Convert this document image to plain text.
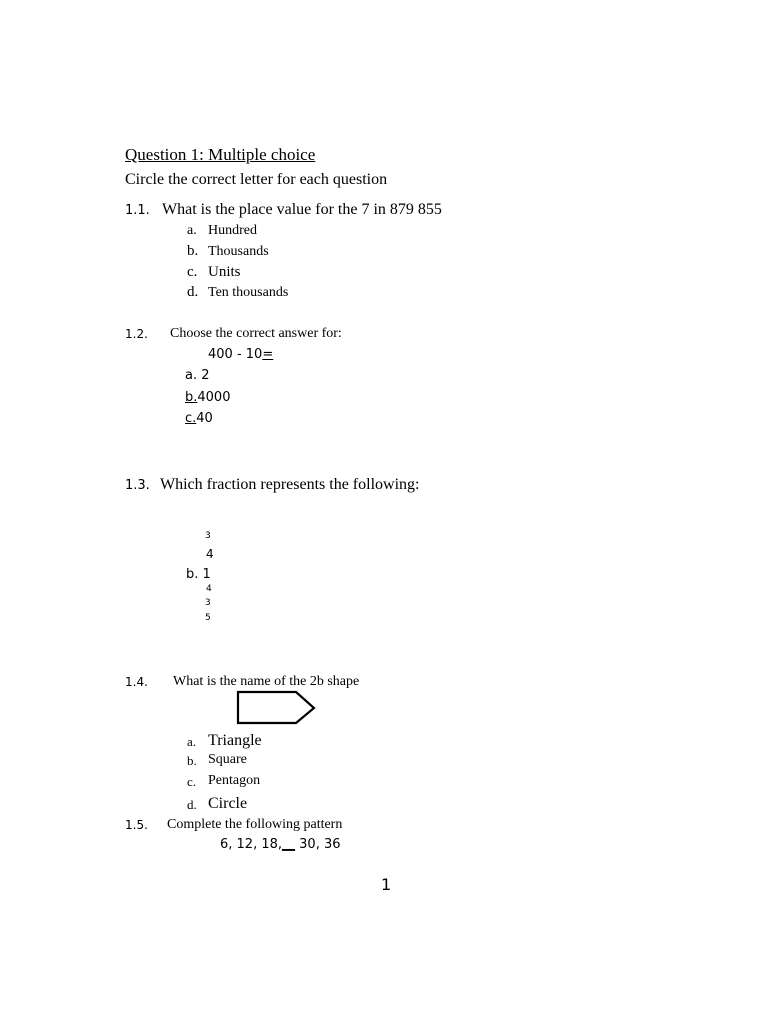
Question 1: Multiple choice
Circle the correct letter for each question
1.1. What is the place value for the 7 in 879 855
a. Hundred
b. Thousands
c. Units
d. Ten thousands
1.2. Choose the correct answer for:
400 - 10=
a. 2
b.4000
c.40
1.3. Which fraction represents the following:
3
4
b. 1
4
3
5
1.4. What is the name of the 2b shape
a. Triangle
b. Square
c. Pentagon
d. Circle
1.5. Complete the following pattern
6, 12, 18,__ 30, 36
1
